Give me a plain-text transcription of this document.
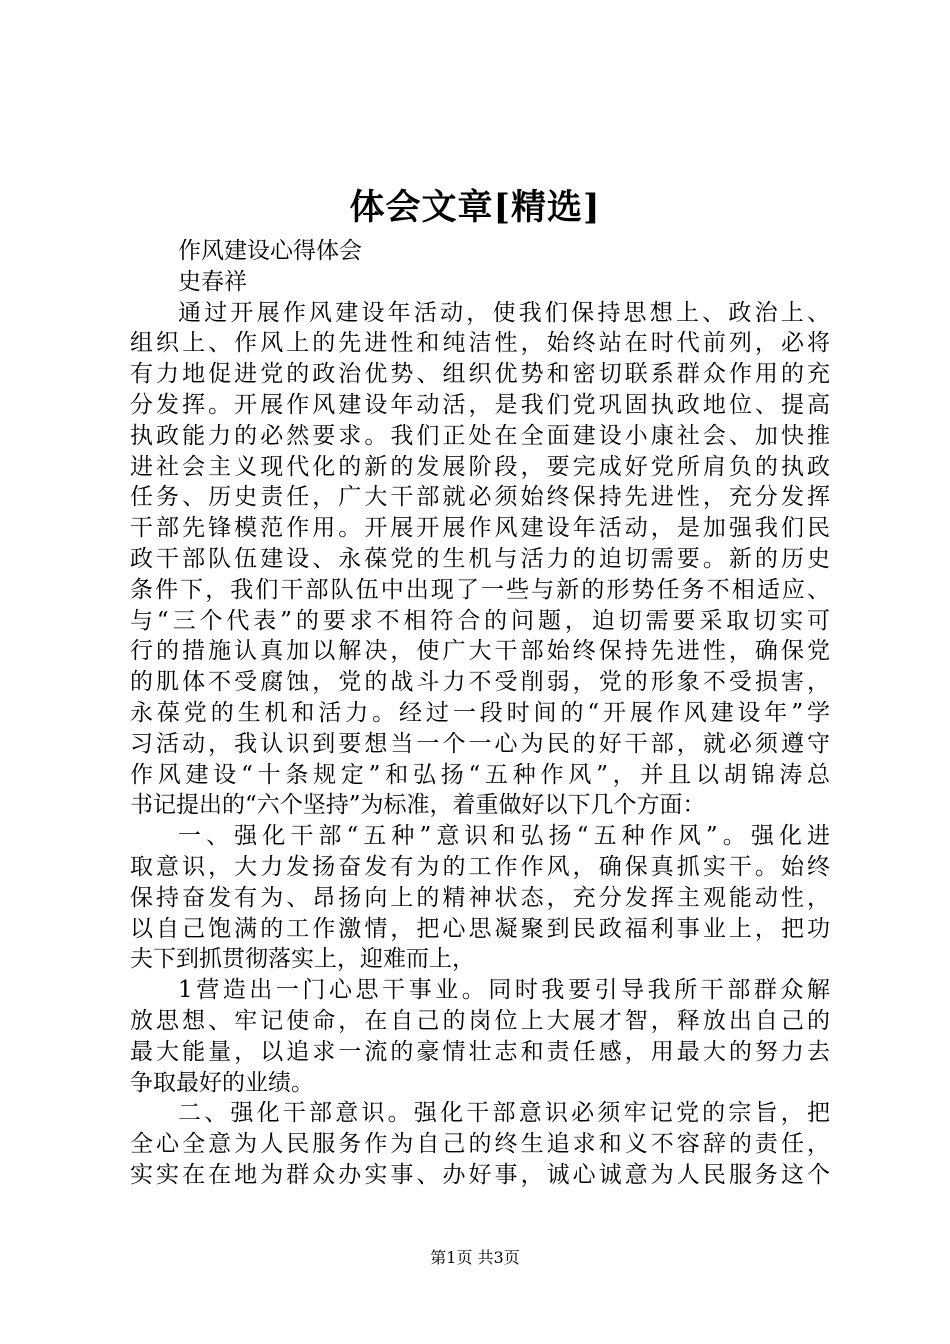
体会文章[精选]
作风建设心得体会
史春祥
通过开展作风建设年活动，使我们保持思想上、政治上、
组织上、作风上的先进性和纯洁性，始终站在时代前列，必将
有力地促进党的政治优势、组织优势和密切联系群众作用的充
分发挥。开展作风建设年动活，是我们党巩固执政地位、提高
执政能力的必然要求。我们正处在全面建设小康社会、加快推
进社会主义现代化的新的发展阶段，要完成好党所肩负的执政
任务、历史责任，广大干部就必须始终保持先进性，充分发挥
干部先锋模范作用。开展开展作风建设年活动，是加强我们民
政干部队伍建设、永葆党的生机与活力的迫切需要。新的历史
条件下，我们干部队伍中出现了一些与新的形势任务不相适应、
与“三个代表”的要求不相符合的问题，迫切需要采取切实可
行的措施认真加以解决，使广大干部始终保持先进性，确保党
的肌体不受腐蚀，党的战斗力不受削弱，党的形象不受损害，
永葆党的生机和活力。经过一段时间的“开展作风建设年”学
习活动，我认识到要想当一个一心为民的好干部，就必须遵守
作风建设“十条规定”和弘扬“五种作风”，并且以胡锦涛总
书记提出的“六个坚持”为标准，着重做好以下几个方面：
一、强化干部“五种”意识和弘扬“五种作风”。强化进
取意识，大力发扬奋发有为的工作作风，确保真抓实干。始终
保持奋发有为、昂扬向上的精神状态，充分发挥主观能动性，
以自己饱满的工作激情，把心思凝聚到民政福利事业上，把功
夫下到抓贯彻落实上，迎难而上，
1营造出一门心思干事业。同时我要引导我所干部群众解
放思想、牢记使命，在自己的岗位上大展才智，释放出自己的
最大能量，以追求一流的豪情壮志和责任感，用最大的努力去
争取最好的业绩。
二、强化干部意识。强化干部意识必须牢记党的宗旨，把
全心全意为人民服务作为自己的终生追求和义不容辞的责任，
实实在在地为群众办实事、办好事，诚心诚意为人民服务这个
第1页 共3页
